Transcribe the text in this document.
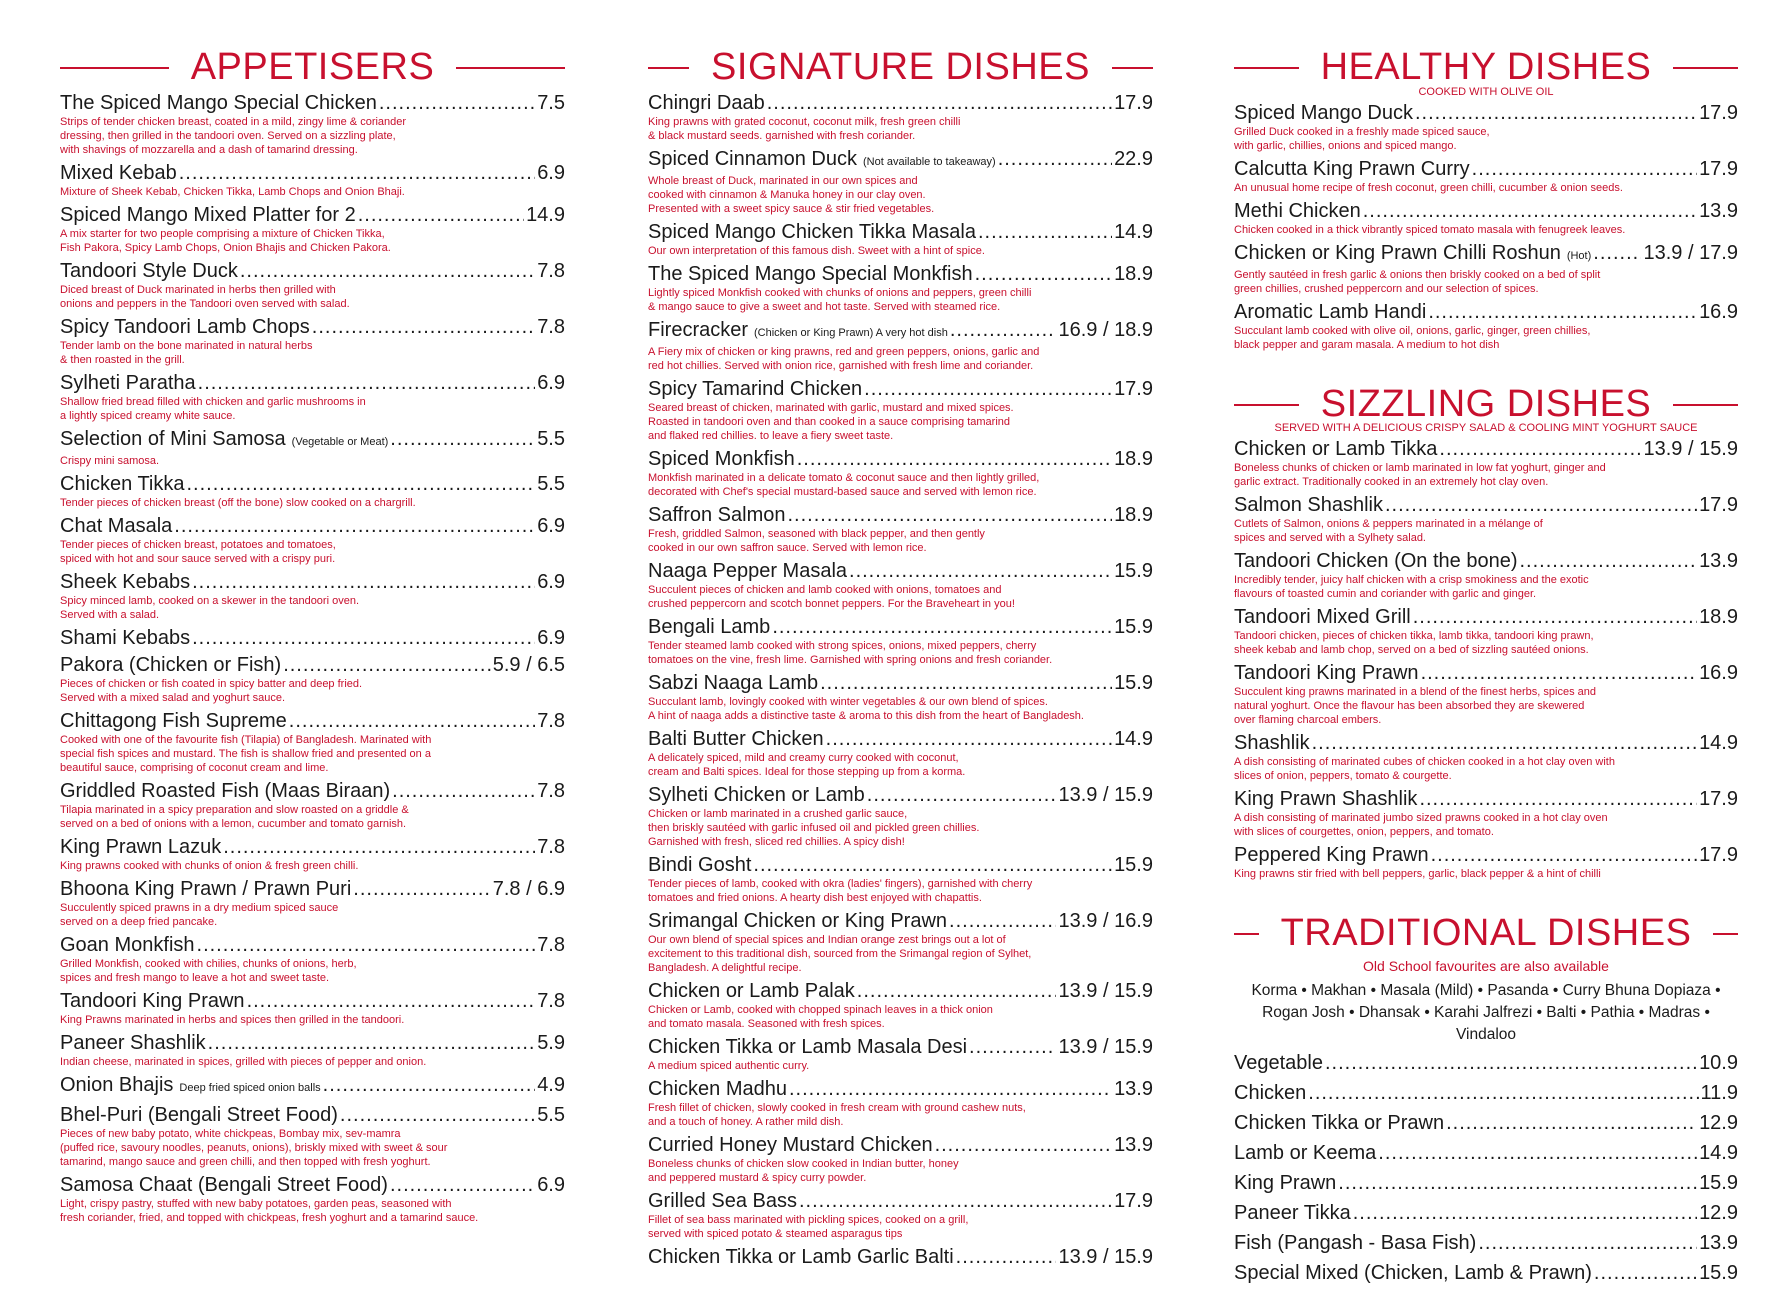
APPETISERS
The Spiced Mango Special Chicken .....	7.5
Strips of tender chicken breast, coated in a mild, zingy lime & coriander
dressing, then grilled in the tandoori oven. Served on a sizzling plate,
with shavings of mozzarella and a dash of tamarind dressing.
Mixed Kebab .....	6.9
Mixture of Sheek Kebab, Chicken Tikka, Lamb Chops and Onion Bhaji.
Spiced Mango Mixed Platter for 2 .....	14.9
A mix starter for two people comprising a mixture of Chicken Tikka,
Fish Pakora, Spicy Lamb Chops, Onion Bhajis and Chicken Pakora.
Tandoori Style Duck .....	7.8
Diced breast of Duck marinated in herbs then grilled with
onions and peppers in the Tandoori oven served with salad.
Spicy Tandoori Lamb Chops .....	7.8
Tender lamb on the bone marinated in natural herbs
& then roasted in the grill.
Sylheti Paratha .....	6.9
Shallow fried bread filled with chicken and garlic mushrooms in
a lightly spiced creamy white sauce.
Selection of Mini Samosa (Vegetable or Meat) .....	5.5
Crispy mini samosa.
Chicken Tikka .....	5.5
Tender pieces of chicken breast (off the bone) slow cooked on a chargrill.
Chat Masala .....	6.9
Tender pieces of chicken breast, potatoes and tomatoes,
spiced with hot and sour sauce served with a crispy puri.
Sheek Kebabs .....	6.9
Spicy minced lamb, cooked on a skewer in the tandoori oven.
Served with a salad.
Shami Kebabs .....	6.9
Pakora (Chicken or Fish) .....	5.9 / 6.5
Pieces of chicken or fish coated in spicy batter and deep fried.
Served with a mixed salad and yoghurt sauce.
Chittagong Fish Supreme .....	7.8
Cooked with one of the favourite fish (Tilapia) of Bangladesh. Marinated with
special fish spices and mustard. The fish is shallow fried and presented on a
beautiful sauce, comprising of coconut cream and lime.
Griddled Roasted Fish (Maas Biraan) .....	7.8
Tilapia marinated in a spicy preparation and slow roasted on a griddle &
served on a bed of onions with a lemon, cucumber and tomato garnish.
King Prawn Lazuk .....	7.8
King prawns cooked with chunks of onion & fresh green chilli.
Bhoona King Prawn / Prawn Puri .....	7.8 / 6.9
Succulently spiced prawns in a dry medium spiced sauce
served on a deep fried pancake.
Goan Monkfish .....	7.8
Grilled Monkfish, cooked with chilies, chunks of onions, herb,
spices and fresh mango to leave a hot and sweet taste.
Tandoori King Prawn .....	7.8
King Prawns marinated in herbs and spices then grilled in the tandoori.
Paneer Shashlik .....	5.9
Indian cheese, marinated in spices, grilled with pieces of pepper and onion.
Onion Bhajis Deep fried spiced onion balls .....	4.9
Bhel-Puri (Bengali Street Food) .....	5.5
Pieces of new baby potato, white chickpeas, Bombay mix, sev-mamra
(puffed rice, savoury noodles, peanuts, onions), briskly mixed with sweet & sour
tamarind, mango sauce and green chilli, and then topped with fresh yoghurt.
Samosa Chaat (Bengali Street Food) .....	6.9
Light, crispy pastry, stuffed with new baby potatoes, garden peas, seasoned with
fresh coriander, fried, and topped with chickpeas, fresh yoghurt and a tamarind sauce.
SIGNATURE DISHES
Chingri Daab .....	17.9
King prawns with grated coconut, coconut milk, fresh green chilli
& black mustard seeds. garnished with fresh coriander.
Spiced Cinnamon Duck (Not available to takeaway) .....	22.9
Whole breast of Duck, marinated in our own spices and
cooked with cinnamon & Manuka honey in our clay oven.
Presented with a sweet spicy sauce & stir fried vegetables.
Spiced Mango Chicken Tikka Masala .....	14.9
Our own interpretation of this famous dish. Sweet with a hint of spice.
The Spiced Mango Special Monkfish .....	18.9
Lightly spiced Monkfish cooked with chunks of onions and peppers, green chilli
& mango sauce to give a sweet and hot taste. Served with steamed rice.
Firecracker (Chicken or King Prawn) A very hot dish .....	16.9 / 18.9
A Fiery mix of chicken or king prawns, red and green peppers, onions, garlic and
red hot chillies. Served with onion rice, garnished with fresh lime and coriander.
Spicy Tamarind Chicken .....	17.9
Seared breast of chicken, marinated with garlic, mustard and mixed spices.
Roasted in tandoori oven and than cooked in a sauce comprising tamarind
and flaked red chillies. to leave a fiery sweet taste.
Spiced Monkfish .....	18.9
Monkfish marinated in a delicate tomato & coconut sauce and then lightly grilled,
decorated with Chef's special mustard-based sauce and served with lemon rice.
Saffron Salmon .....	18.9
Fresh, griddled Salmon, seasoned with black pepper, and then gently
cooked in our own saffron sauce. Served with lemon rice.
Naaga Pepper Masala .....	15.9
Succulent pieces of chicken and lamb cooked with onions, tomatoes and
crushed peppercorn and scotch bonnet peppers. For the Braveheart in you!
Bengali Lamb .....	15.9
Tender steamed lamb cooked with strong spices, onions, mixed peppers, cherry
tomatoes on the vine, fresh lime. Garnished with spring onions and fresh coriander.
Sabzi Naaga Lamb .....	15.9
Succulant lamb, lovingly cooked with winter vegetables & our own blend of spices.
A hint of naaga adds a distinctive taste & aroma to this dish from the heart of Bangladesh.
Balti Butter Chicken .....	14.9
A delicately spiced, mild and creamy curry cooked with coconut,
cream and Balti spices. Ideal for those stepping up from a korma.
Sylheti Chicken or Lamb .....	13.9 / 15.9
Chicken or lamb marinated in a crushed garlic sauce,
then briskly sautéed with garlic infused oil and pickled green chillies.
Garnished with fresh, sliced red chillies. A spicy dish!
Bindi Gosht .....	15.9
Tender pieces of lamb, cooked with okra (ladies' fingers), garnished with cherry
tomatoes and fried onions. A hearty dish best enjoyed with chapattis.
Srimangal Chicken or King Prawn .....	13.9 / 16.9
Our own blend of special spices and Indian orange zest brings out a lot of
excitement to this traditional dish, sourced from the Srimangal region of Sylhet,
Bangladesh. A delightful recipe.
Chicken or Lamb Palak .....	13.9 / 15.9
Chicken or Lamb, cooked with chopped spinach leaves in a thick onion
and tomato masala. Seasoned with fresh spices.
Chicken Tikka or Lamb Masala Desi .....	13.9 / 15.9
A medium spiced authentic curry.
Chicken Madhu .....	13.9
Fresh fillet of chicken, slowly cooked in fresh cream with ground cashew nuts,
and a touch of honey. A rather mild dish.
Curried Honey Mustard Chicken .....	13.9
Boneless chunks of chicken slow cooked in Indian butter, honey
and peppered mustard & spicy curry powder.
Grilled Sea Bass .....	17.9
Fillet of sea bass marinated with pickling spices, cooked on a grill,
served with spiced potato & steamed asparagus tips
Chicken Tikka or Lamb Garlic Balti .....	13.9 / 15.9
HEALTHY DISHES
COOKED WITH OLIVE OIL
Spiced Mango Duck .....	17.9
Grilled Duck cooked in a freshly made spiced sauce,
with garlic, chillies, onions and spiced mango.
Calcutta King Prawn Curry .....	17.9
An unusual home recipe of fresh coconut, green chilli, cucumber & onion seeds.
Methi Chicken .....	13.9
Chicken cooked in a thick vibrantly spiced tomato masala with fenugreek leaves.
Chicken or King Prawn Chilli Roshun (Hot) .....	13.9 / 17.9
Gently sautéed in fresh garlic & onions then briskly cooked on a bed of split
green chillies, crushed peppercorn and our selection of spices.
Aromatic Lamb Handi .....	16.9
Succulant lamb cooked with olive oil, onions, garlic, ginger, green chillies,
black pepper and garam masala. A medium to hot dish
SIZZLING DISHES
SERVED WITH A DELICIOUS CRISPY SALAD & COOLING MINT YOGHURT SAUCE
Chicken or Lamb Tikka .....	13.9 / 15.9
Boneless chunks of chicken or lamb marinated in low fat yoghurt, ginger and
garlic extract. Traditionally cooked in an extremely hot clay oven.
Salmon Shashlik .....	17.9
Cutlets of Salmon, onions & peppers marinated in a mélange of
spices and served with a Sylhety salad.
Tandoori Chicken (On the bone) .....	13.9
Incredibly tender, juicy half chicken with a crisp smokiness and the exotic
flavours of toasted cumin and coriander with garlic and ginger.
Tandoori Mixed Grill .....	18.9
Tandoori chicken, pieces of chicken tikka, lamb tikka, tandoori king prawn,
sheek kebab and lamb chop, served on a bed of sizzling sautéed onions.
Tandoori King Prawn .....	16.9
Succulent king prawns marinated in a blend of the finest herbs, spices and
natural yoghurt. Once the flavour has been absorbed they are skewered
over flaming charcoal embers.
Shashlik .....	14.9
A dish consisting of marinated cubes of chicken cooked in a hot clay oven with
slices of onion, peppers, tomato & courgette.
King Prawn Shashlik .....	17.9
A dish consisting of marinated jumbo sized prawns cooked in a hot clay oven
with slices of courgettes, onion, peppers, and tomato.
Peppered King Prawn .....	17.9
King prawns stir fried with bell peppers, garlic, black pepper & a hint of chilli
TRADITIONAL DISHES
Old School favourites are also available
Korma • Makhan • Masala (Mild) • Pasanda • Curry Bhuna Dopiaza • Rogan Josh • Dhansak • Karahi Jalfrezi • Balti • Pathia • Madras • Vindaloo
Vegetable .....	10.9
Chicken .....	11.9
Chicken Tikka or Prawn .....	12.9
Lamb or Keema .....	14.9
King Prawn .....	15.9
Paneer Tikka .....	12.9
Fish (Pangash - Basa Fish) .....	13.9
Special Mixed (Chicken, Lamb & Prawn) .....	15.9
